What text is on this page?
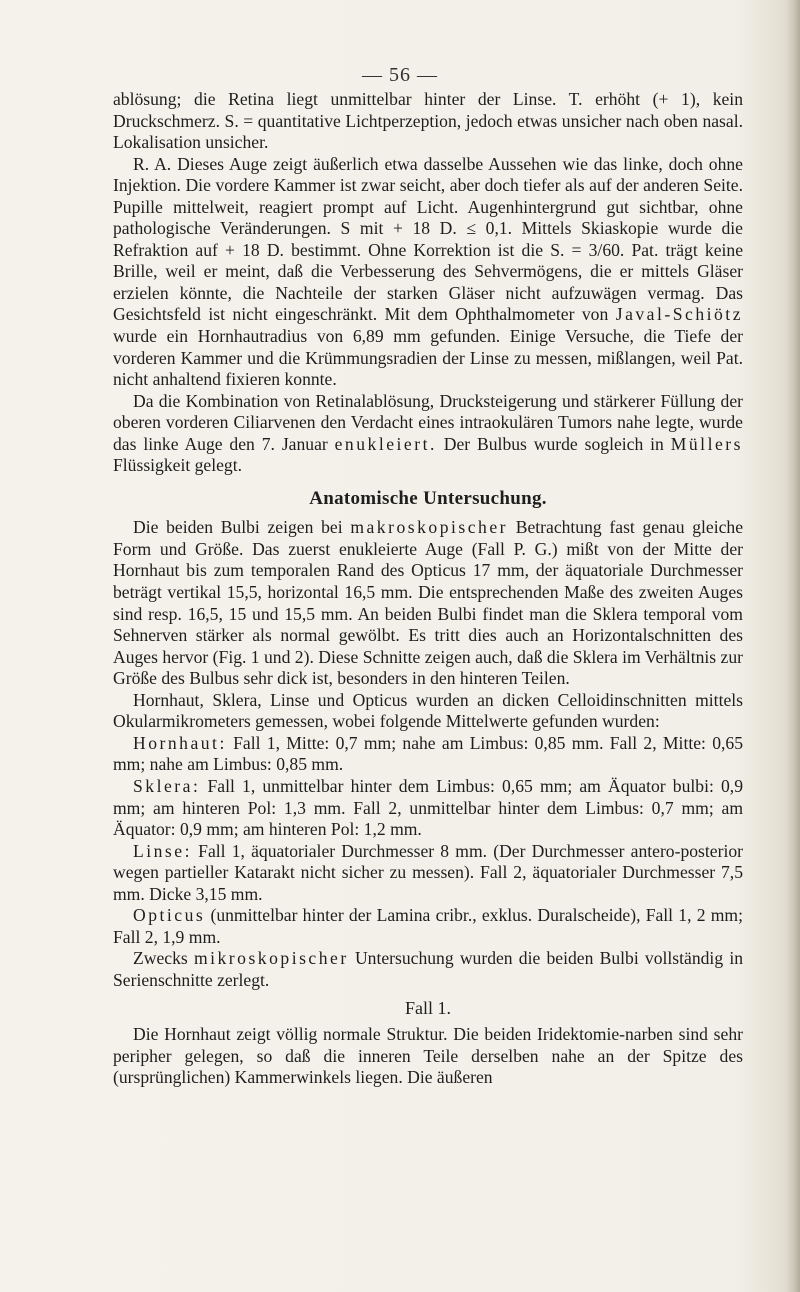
— 56 —

ablösung; die Retina liegt unmittelbar hinter der Linse. T. erhöht (+ 1), kein Druckschmerz. S. = quantitative Lichtperzeption, jedoch etwas unsicher nach oben nasal. Lokalisation unsicher.

R. A. Dieses Auge zeigt äußerlich etwa dasselbe Aussehen wie das linke, doch ohne Injektion. Die vordere Kammer ist zwar seicht, aber doch tiefer als auf der anderen Seite. Pupille mittelweit, reagiert prompt auf Licht. Augenhintergrund gut sichtbar, ohne pathologische Veränderungen. S mit + 18 D. ≤ 0,1. Mittels Skiaskopie wurde die Refraktion auf + 18 D. bestimmt. Ohne Korrektion ist die S. = 3/60. Pat. trägt keine Brille, weil er meint, daß die Verbesserung des Sehvermögens, die er mittels Gläser erzielen könnte, die Nachteile der starken Gläser nicht aufzuwägen vermag. Das Gesichtsfeld ist nicht eingeschränkt. Mit dem Ophthalmometer von Javal-Schiötz wurde ein Hornhautradius von 6,89 mm gefunden. Einige Versuche, die Tiefe der vorderen Kammer und die Krümmungsradien der Linse zu messen, mißlangen, weil Pat. nicht anhaltend fixieren konnte.

Da die Kombination von Retinalablösung, Drucksteigerung und stärkerer Füllung der oberen vorderen Ciliarvenen den Verdacht eines intraokulären Tumors nahe legte, wurde das linke Auge den 7. Januar enukleiert. Der Bulbus wurde sogleich in Müllers Flüssigkeit gelegt.

Anatomische Untersuchung.

Die beiden Bulbi zeigen bei makroskopischer Betrachtung fast genau gleiche Form und Größe. Das zuerst enukleierte Auge (Fall P. G.) mißt von der Mitte der Hornhaut bis zum temporalen Rand des Opticus 17 mm, der äquatoriale Durchmesser beträgt vertikal 15,5, horizontal 16,5 mm. Die entsprechenden Maße des zweiten Auges sind resp. 16,5, 15 und 15,5 mm. An beiden Bulbi findet man die Sklera temporal vom Sehnerven stärker als normal gewölbt. Es tritt dies auch an Horizontalschnitten des Auges hervor (Fig. 1 und 2). Diese Schnitte zeigen auch, daß die Sklera im Verhältnis zur Größe des Bulbus sehr dick ist, besonders in den hinteren Teilen.

Hornhaut, Sklera, Linse und Opticus wurden an dicken Celloidinschnitten mittels Okularmikrometers gemessen, wobei folgende Mittelwerte gefunden wurden:

Hornhaut: Fall 1, Mitte: 0,7 mm; nahe am Limbus: 0,85 mm. Fall 2, Mitte: 0,65 mm; nahe am Limbus: 0,85 mm.

Sklera: Fall 1, unmittelbar hinter dem Limbus: 0,65 mm; am Äquator bulbi: 0,9 mm; am hinteren Pol: 1,3 mm. Fall 2, unmittelbar hinter dem Limbus: 0,7 mm; am Äquator: 0,9 mm; am hinteren Pol: 1,2 mm.

Linse: Fall 1, äquatorialer Durchmesser 8 mm. (Der Durchmesser antero-posterior wegen partieller Katarakt nicht sicher zu messen). Fall 2, äquatorialer Durchmesser 7,5 mm. Dicke 3,15 mm.

Opticus (unmittelbar hinter der Lamina cribr., exklus. Duralscheide), Fall 1, 2 mm; Fall 2, 1,9 mm.

Zwecks mikroskopischer Untersuchung wurden die beiden Bulbi vollständig in Serienschnitte zerlegt.

Fall 1.

Die Hornhaut zeigt völlig normale Struktur. Die beiden Iridektomie-narben sind sehr peripher gelegen, so daß die inneren Teile derselben nahe an der Spitze des (ursprünglichen) Kammerwinkels liegen. Die äußeren
